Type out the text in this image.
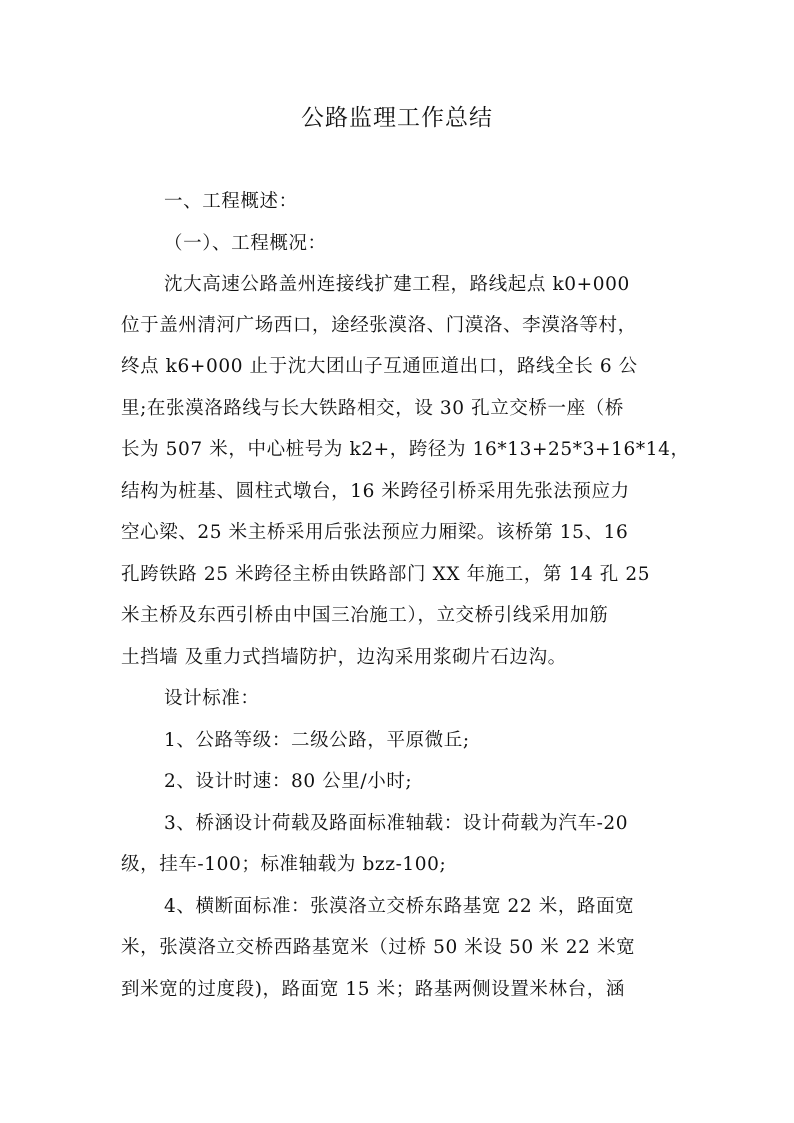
公路监理工作总结
一、工程概述：
（一）、工程概况：
沈大高速公路盖州连接线扩建工程，路线起点 k0+000
位于盖州清河广场西口，途经张漠洛、门漠洛、李漠洛等村，
终点 k6+000 止于沈大团山子互通匝道出口，路线全长 6 公
里;在张漠洛路线与长大铁路相交，设 30 孔立交桥一座（桥
长为 507 米，中心桩号为 k2+，跨径为 16*13+25*3+16*14，
结构为桩基、圆柱式墩台，16 米跨径引桥采用先张法预应力
空心梁、25 米主桥采用后张法预应力厢梁。该桥第 15、16
孔跨铁路 25 米跨径主桥由铁路部门 XX 年施工，第 14 孔 25
米主桥及东西引桥由中国三冶施工），立交桥引线采用加筋
土挡墙 及重力式挡墙防护，边沟采用浆砌片石边沟。
设计标准：
1、公路等级：二级公路，平原微丘;
2、设计时速：80 公里/小时;
3、桥涵设计荷载及路面标准轴载：设计荷载为汽车-20
级，挂车-100；标准轴载为 bzz-100;
4、横断面标准：张漠洛立交桥东路基宽 22 米，路面宽
米，张漠洛立交桥西路基宽米（过桥 50 米设 50 米 22 米宽
到米宽的过度段)，路面宽 15 米；路基两侧设置米林台，涵
